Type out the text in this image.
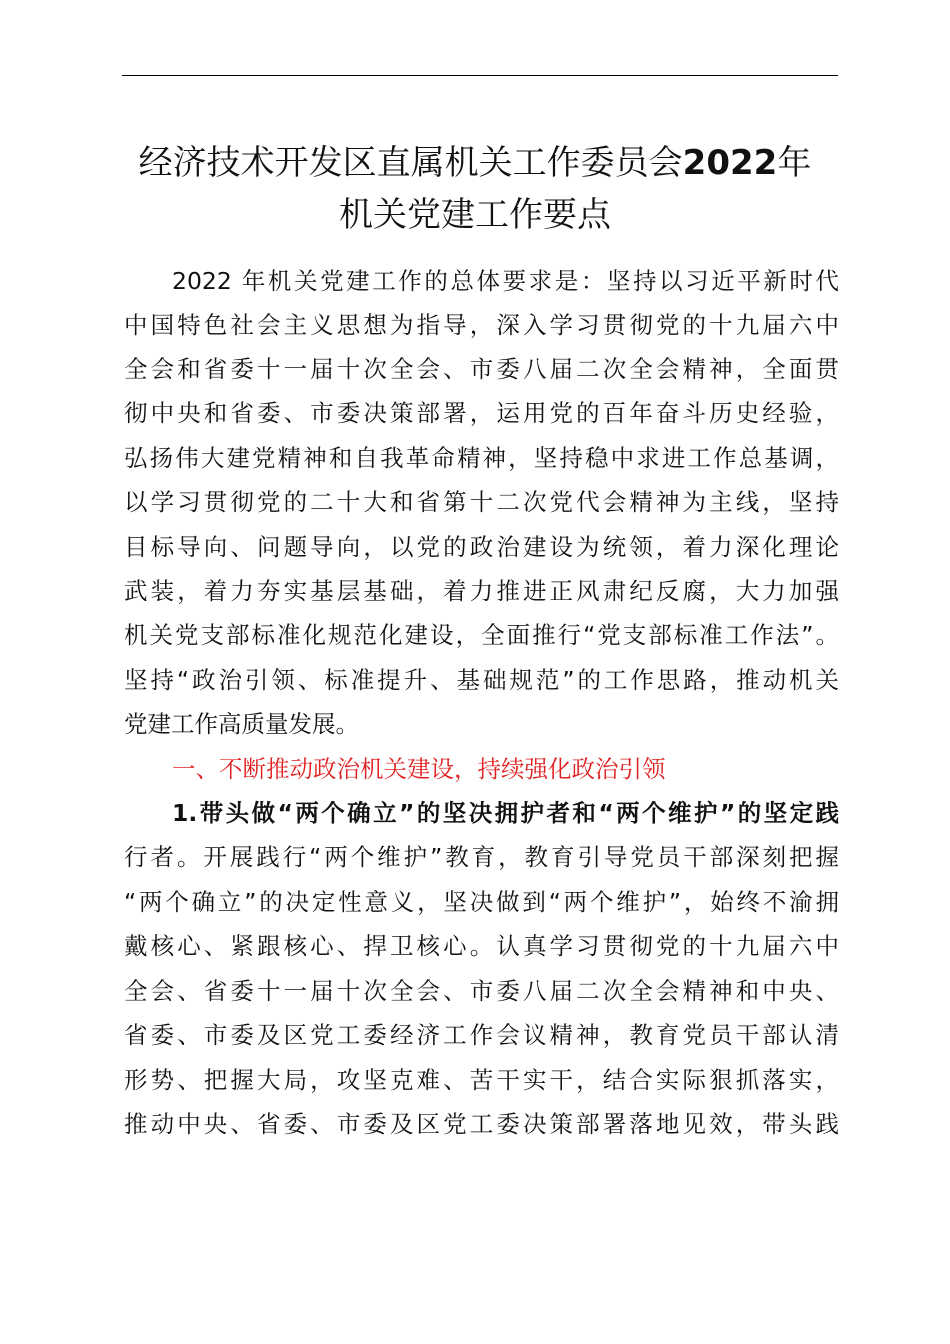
经济技术开发区直属机关工作委员会2022年
机关党建工作要点
2022 年机关党建工作的总体要求是：坚持以习近平新时代
中国特色社会主义思想为指导，深入学习贯彻党的十九届六中
全会和省委十一届十次全会、市委八届二次全会精神，全面贯
彻中央和省委、市委决策部署，运用党的百年奋斗历史经验，
弘扬伟大建党精神和自我革命精神，坚持稳中求进工作总基调，
以学习贯彻党的二十大和省第十二次党代会精神为主线，坚持
目标导向、问题导向，以党的政治建设为统领，着力深化理论
武装，着力夯实基层基础，着力推进正风肃纪反腐，大力加强
机关党支部标准化规范化建设，全面推行“党支部标准工作法”。
坚持“政治引领、标准提升、基础规范”的工作思路，推动机关
党建工作高质量发展。
一、不断推动政治机关建设，持续强化政治引领
1.带头做“两个确立”的坚决拥护者和“两个维护”的坚定践
行者。开展践行“两个维护”教育，教育引导党员干部深刻把握
“两个确立”的决定性意义，坚决做到“两个维护”，始终不渝拥
戴核心、紧跟核心、捍卫核心。认真学习贯彻党的十九届六中
全会、省委十一届十次全会、市委八届二次全会精神和中央、
省委、市委及区党工委经济工作会议精神，教育党员干部认清
形势、把握大局，攻坚克难、苦干实干，结合实际狠抓落实，
推动中央、省委、市委及区党工委决策部署落地见效，带头践
